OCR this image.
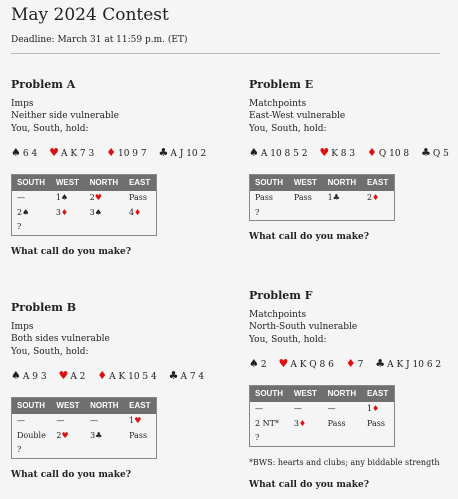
May 2024 Contest
Deadline: March 31 at 11:59 p.m. (ET)
Problem A
Imps
Neither side vulnerable
You, South, hold:
♠ 6 4 ♥ A K 7 3 ♦ 10 9 7 ♣ A J 10 2
SOUTH	WEST	NORTH	EAST
—	1♠	2♥	Pass
2♠	3♦	3♠	4♦
?			
What call do you make?
Problem B
Imps
Both sides vulnerable
You, South, hold:
♠ A 9 3 ♥ A 2 ♦ A K 10 5 4 ♣ A 7 4
SOUTH	WEST	NORTH	EAST
—	—	—	1♥
Double	2♥	3♣	Pass
?			
What call do you make?
Problem E
Matchpoints
East-West vulnerable
You, South, hold:
♠ A 10 8 5 2 ♥ K 8 3 ♦ Q 10 8 ♣ Q 5
SOUTH	WEST	NORTH	EAST
Pass	Pass	1♣	2♦
?			
What call do you make?
Problem F
Matchpoints
North-South vulnerable
You, South, hold:
♠ 2 ♥ A K Q 8 6 ♦ 7 ♣ A K J 10 6 2
SOUTH	WEST	NORTH	EAST
—	—	—	1♦
2 NT*	3♦	Pass	Pass
?			
*BWS: hearts and clubs; any biddable strength
What call do you make?
